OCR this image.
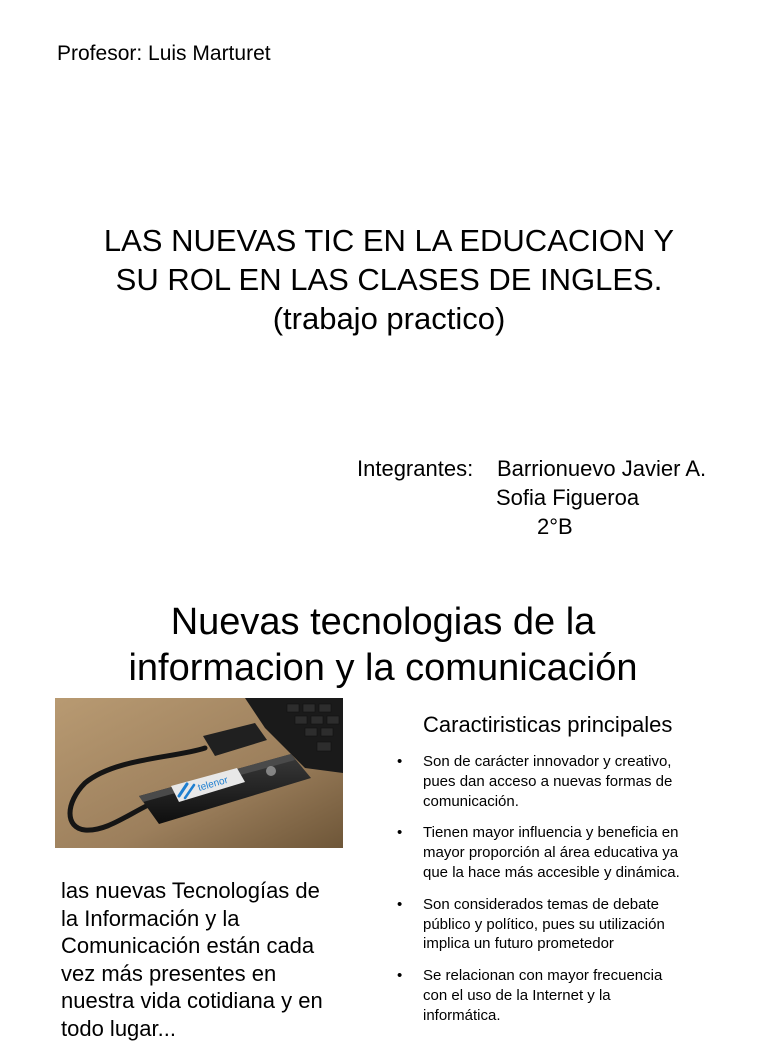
Profesor: Luis Marturet
LAS NUEVAS TIC EN LA EDUCACION Y
SU ROL EN LAS CLASES DE INGLES.
(trabajo practico)
Integrantes: Barrionuevo Javier A.
Sofia Figueroa
2°B
Nuevas tecnologias de la
informacion y la comunicación
telenor
las nuevas Tecnologías de
la Información y la
Comunicación están cada
vez más presentes en
nuestra vida cotidiana y en
todo lugar...
Caractiristicas principales
• Son de carácter innovador y creativo,
pues dan acceso a nuevas formas de
comunicación.
• Tienen mayor influencia y beneficia en
mayor proporción al área educativa ya
que la hace más accesible y dinámica.
• Son considerados temas de debate
público y político, pues su utilización
implica un futuro prometedor
• Se relacionan con mayor frecuencia
con el uso de la Internet y la
informática.
